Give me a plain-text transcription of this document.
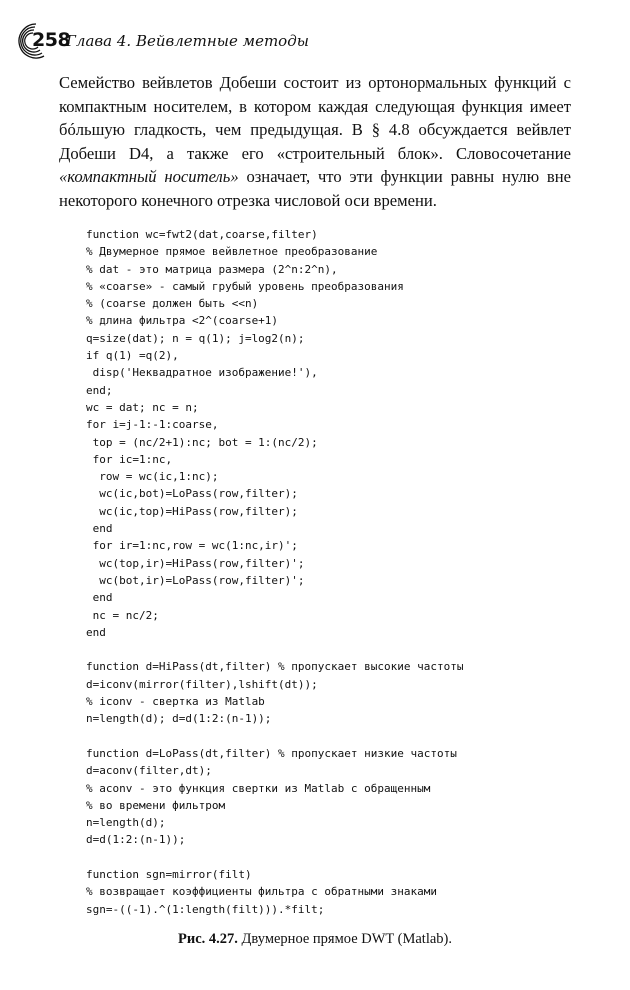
258
Глава 4. Вейвлетные методы

Семейство вейвлетов Добеши состоит из ортонормальных функций с компактным носителем, в котором каждая следующая функция имеет бóльшую гладкость, чем предыдущая. В § 4.8 обсуждается вейвлет Добеши D4, а также его «строительный блок». Словосочетание «компактный носитель» означает, что эти функции равны нулю вне некоторого конечного отрезка числовой оси времени.

function wc=fwt2(dat,coarse,filter)
% Двумерное прямое вейвлетное преобразование
% dat - это матрица размера (2^n:2^n),
% «coarse» - самый грубый уровень преобразования
% (coarse должен быть <<n)
% длина фильтра <2^(coarse+1)
q=size(dat); n = q(1); j=log2(n);
if q(1) =q(2),
disp('Неквадратное изображение!'),
end;
wc = dat; nc = n;
for i=j-1:-1:coarse,
top = (nc/2+1):nc; bot = 1:(nc/2);
for ic=1:nc,
row = wc(ic,1:nc);
wc(ic,bot)=LoPass(row,filter);
wc(ic,top)=HiPass(row,filter);
end
for ir=1:nc,row = wc(1:nc,ir)';
wc(top,ir)=HiPass(row,filter)';
wc(bot,ir)=LoPass(row,filter)';
end
nc = nc/2;
end
function d=HiPass(dt,filter) % пропускает высокие частоты
d=iconv(mirror(filter),lshift(dt));
% iconv - свертка из Matlab
n=length(d); d=d(1:2:(n-1));
function d=LoPass(dt,filter) % пропускает низкие частоты
d=aconv(filter,dt);
% aconv - это функция свертки из Matlab с обращенным
% во времени фильтром
n=length(d);
d=d(1:2:(n-1));
function sgn=mirror(filt)
% возвращает коэффициенты фильтра с обратными знаками
sgn=-((-1).^(1:length(filt))).*filt;
Рис. 4.27. Двумерное прямое DWT (Matlab).
